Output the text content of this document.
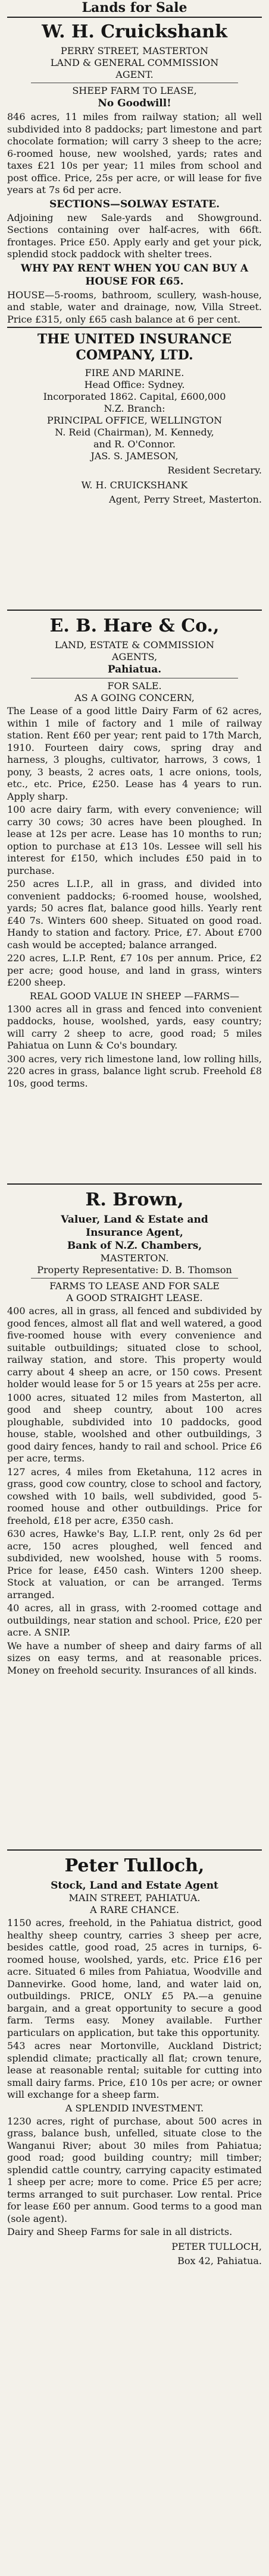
Lands for Sale
W. H. Cruickshank
PERRY STREET, MASTERTON
LAND & GENERAL COMMISSION
AGENT.
SHEEP FARM TO LEASE,
No Goodwill!

846 acres, 11 miles from railway station; all well subdivided into 8 paddocks; part limestone and part chocolate formation; will carry 3 sheep to the acre; 6-roomed house, new woolshed, yards; rates and taxes £21 10s per year; 11 miles from school and post office. Price, 25s per acre, or will lease for five years at 7s 6d per acre.

SECTIONS—SOLWAY ESTATE.

Adjoining new Sale-yards and Showground. Sections containing over half-acres, with 66ft. frontages. Price £50. Apply early and get your pick, splendid stock paddock with shelter trees.

WHY PAY RENT WHEN YOU CAN BUY A HOUSE FOR £65.

HOUSE—5-rooms, bathroom, scullery, wash-house, and stable, water and drainage, now, Villa Street. Price £315, only £65 cash balance at 6 per cent.

THE UNITED INSURANCE COMPANY, LTD.
FIRE AND MARINE.
Head Office: Sydney.
Incorporated 1862. Capital, £600,000
N.Z. Branch:
PRINCIPAL OFFICE, WELLINGTON
N. Reid (Chairman), M. Kennedy,
and R. O'Connor.
JAS. S. JAMESON,
Resident Secretary.
W. H. CRUICKSHANK
Agent, Perry Street, Masterton.
E. B. Hare & Co.,
LAND, ESTATE & COMMISSION
AGENTS,
Pahiatua.
FOR SALE.
AS A GOING CONCERN,

The Lease of a good little Dairy Farm of 62 acres, within 1 mile of factory and 1 mile of railway station. Rent £60 per year; rent paid to 17th March, 1910. Fourteen dairy cows, spring dray and harness, 3 ploughs, cultivator, harrows, 3 cows, 1 pony, 3 beasts, 2 acres oats, 1 acre onions, tools, etc., etc. Price, £250. Lease has 4 years to run. Apply sharp.

100 acre dairy farm, with every convenience; will carry 30 cows; 30 acres have been ploughed. In lease at 12s per acre. Lease has 10 months to run; option to purchase at £13 10s. Lessee will sell his interest for £150, which includes £50 paid in to purchase.

250 acres L.I.P., all in grass, and divided into convenient paddocks; 6-roomed house, woolshed, yards; 50 acres flat, balance good hills. Yearly rent £40 7s. Winters 600 sheep. Situated on good road. Handy to station and factory. Price, £7. About £700 cash would be accepted; balance arranged.

220 acres, L.I.P. Rent, £7 10s per annum. Price, £2 per acre; good house, and land in grass, winters £200 sheep.

REAL GOOD VALUE IN SHEEP —FARMS—

1300 acres all in grass and fenced into convenient paddocks, house, woolshed, yards, easy country; will carry 2 sheep to acre, good road; 5 miles Pahiatua on Lunn & Co's boundary.

300 acres, very rich limestone land, low rolling hills, 220 acres in grass, balance light scrub. Freehold £8 10s, good terms.

R. Brown,
Valuer, Land & Estate and
Insurance Agent,
Bank of N.Z. Chambers,
MASTERTON.
Property Representative: D. B. Thomson
FARMS TO LEASE AND FOR SALE
A GOOD STRAIGHT LEASE.

400 acres, all in grass, all fenced and subdivided by good fences, almost all flat and well watered, a good five-roomed house with every convenience and suitable outbuildings; situated close to school, railway station, and store. This property would carry about 4 sheep an acre, or 150 cows. Present holder would lease for 5 or 15 years at 25s per acre.

1000 acres, situated 12 miles from Masterton, all good and sheep country, about 100 acres ploughable, subdivided into 10 paddocks, good house, stable, woolshed and other outbuildings, 3 good dairy fences, handy to rail and school. Price £6 per acre, terms.

127 acres, 4 miles from Eketahuna, 112 acres in grass, good cow country, close to school and factory, cowshed with 10 bails, well subdivided, good 5-roomed house and other outbuildings. Price for freehold, £18 per acre, £350 cash.

630 acres, Hawke's Bay, L.I.P. rent, only 2s 6d per acre, 150 acres ploughed, well fenced and subdivided, new woolshed, house with 5 rooms. Price for lease, £450 cash. Winters 1200 sheep. Stock at valuation, or can be arranged. Terms arranged.

40 acres, all in grass, with 2-roomed cottage and outbuildings, near station and school. Price, £20 per acre. A SNIP.

We have a number of sheep and dairy farms of all sizes on easy terms, and at reasonable prices. Money on freehold security. Insurances of all kinds.

Peter Tulloch,
Stock, Land and Estate Agent
MAIN STREET, PAHIATUA.
A RARE CHANCE.

1150 acres, freehold, in the Pahiatua district, good healthy sheep country, carries 3 sheep per acre, besides cattle, good road, 25 acres in turnips, 6-roomed house, woolshed, yards, etc. Price £16 per acre. Situated 6 miles from Pahiatua, Woodville and Dannevirke. Good home, land, and water laid on, outbuildings. PRICE, ONLY £5 PA.—a genuine bargain, and a great opportunity to secure a good farm. Terms easy. Money available. Further particulars on application, but take this opportunity.

543 acres near Mortonville, Auckland District; splendid climate; practically all flat; crown tenure, lease at reasonable rental; suitable for cutting into small dairy farms. Price, £10 10s per acre; or owner will exchange for a sheep farm.

A SPLENDID INVESTMENT.

1230 acres, right of purchase, about 500 acres in grass, balance bush, unfelled, situate close to the Wanganui River; about 30 miles from Pahiatua; good road; good building country; mill timber; splendid cattle country, carrying capacity estimated 1 sheep per acre; more to come. Price £5 per acre; terms arranged to suit purchaser. Low rental. Price for lease £60 per annum. Good terms to a good man (sole agent).

Dairy and Sheep Farms for sale in all districts.

PETER TULLOCH,
Box 42, Pahiatua.
